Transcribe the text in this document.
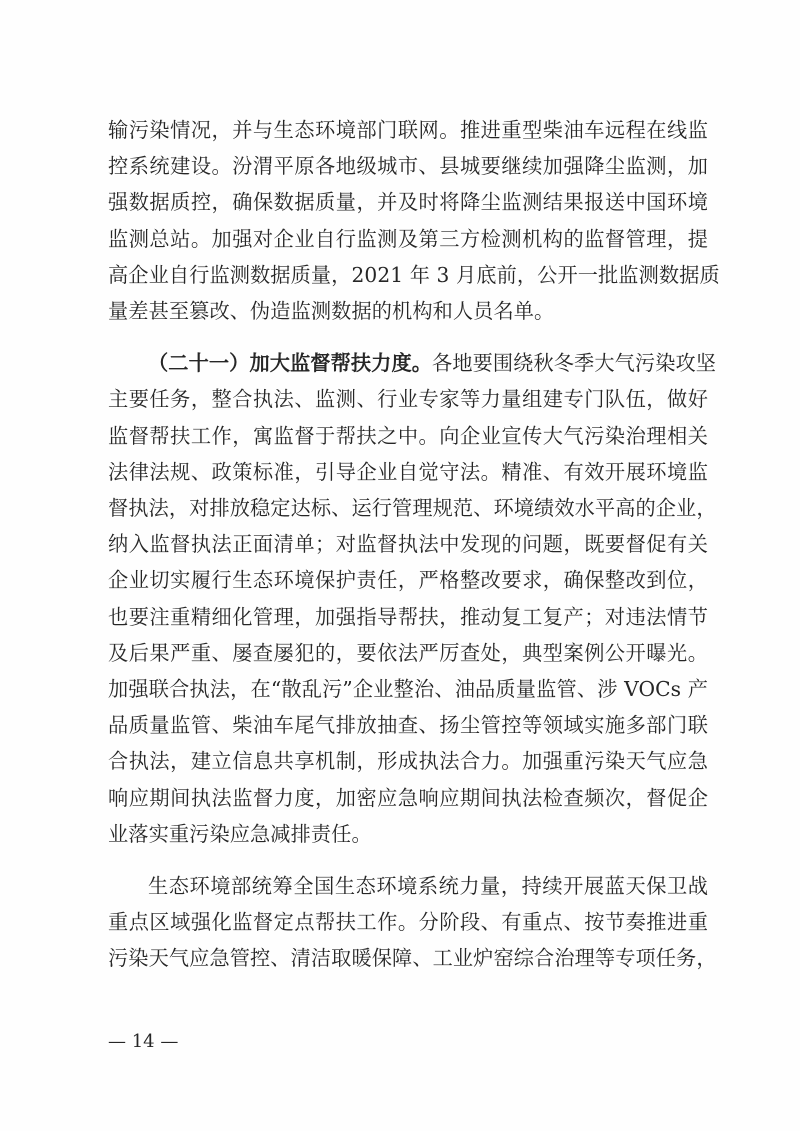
输污染情况，并与生态环境部门联网。推进重型柴油车远程在线监
控系统建设。汾渭平原各地级城市、县城要继续加强降尘监测，加
强数据质控，确保数据质量，并及时将降尘监测结果报送中国环境
监测总站。加强对企业自行监测及第三方检测机构的监督管理，提
高企业自行监测数据质量，2021 年 3 月底前，公开一批监测数据质
量差甚至篡改、伪造监测数据的机构和人员名单。

（二十一）加大监督帮扶力度。各地要围绕秋冬季大气污染攻坚
主要任务，整合执法、监测、行业专家等力量组建专门队伍，做好
监督帮扶工作，寓监督于帮扶之中。向企业宣传大气污染治理相关
法律法规、政策标准，引导企业自觉守法。精准、有效开展环境监
督执法，对排放稳定达标、运行管理规范、环境绩效水平高的企业，
纳入监督执法正面清单；对监督执法中发现的问题，既要督促有关
企业切实履行生态环境保护责任，严格整改要求，确保整改到位，
也要注重精细化管理，加强指导帮扶，推动复工复产；对违法情节
及后果严重、屡查屡犯的，要依法严厉查处，典型案例公开曝光。
加强联合执法，在“散乱污”企业整治、油品质量监管、涉 VOCs 产
品质量监管、柴油车尾气排放抽查、扬尘管控等领域实施多部门联
合执法，建立信息共享机制，形成执法合力。加强重污染天气应急
响应期间执法监督力度，加密应急响应期间执法检查频次，督促企
业落实重污染应急减排责任。

生态环境部统筹全国生态环境系统力量，持续开展蓝天保卫战
重点区域强化监督定点帮扶工作。分阶段、有重点、按节奏推进重
污染天气应急管控、清洁取暖保障、工业炉窑综合治理等专项任务，

— 14 —
